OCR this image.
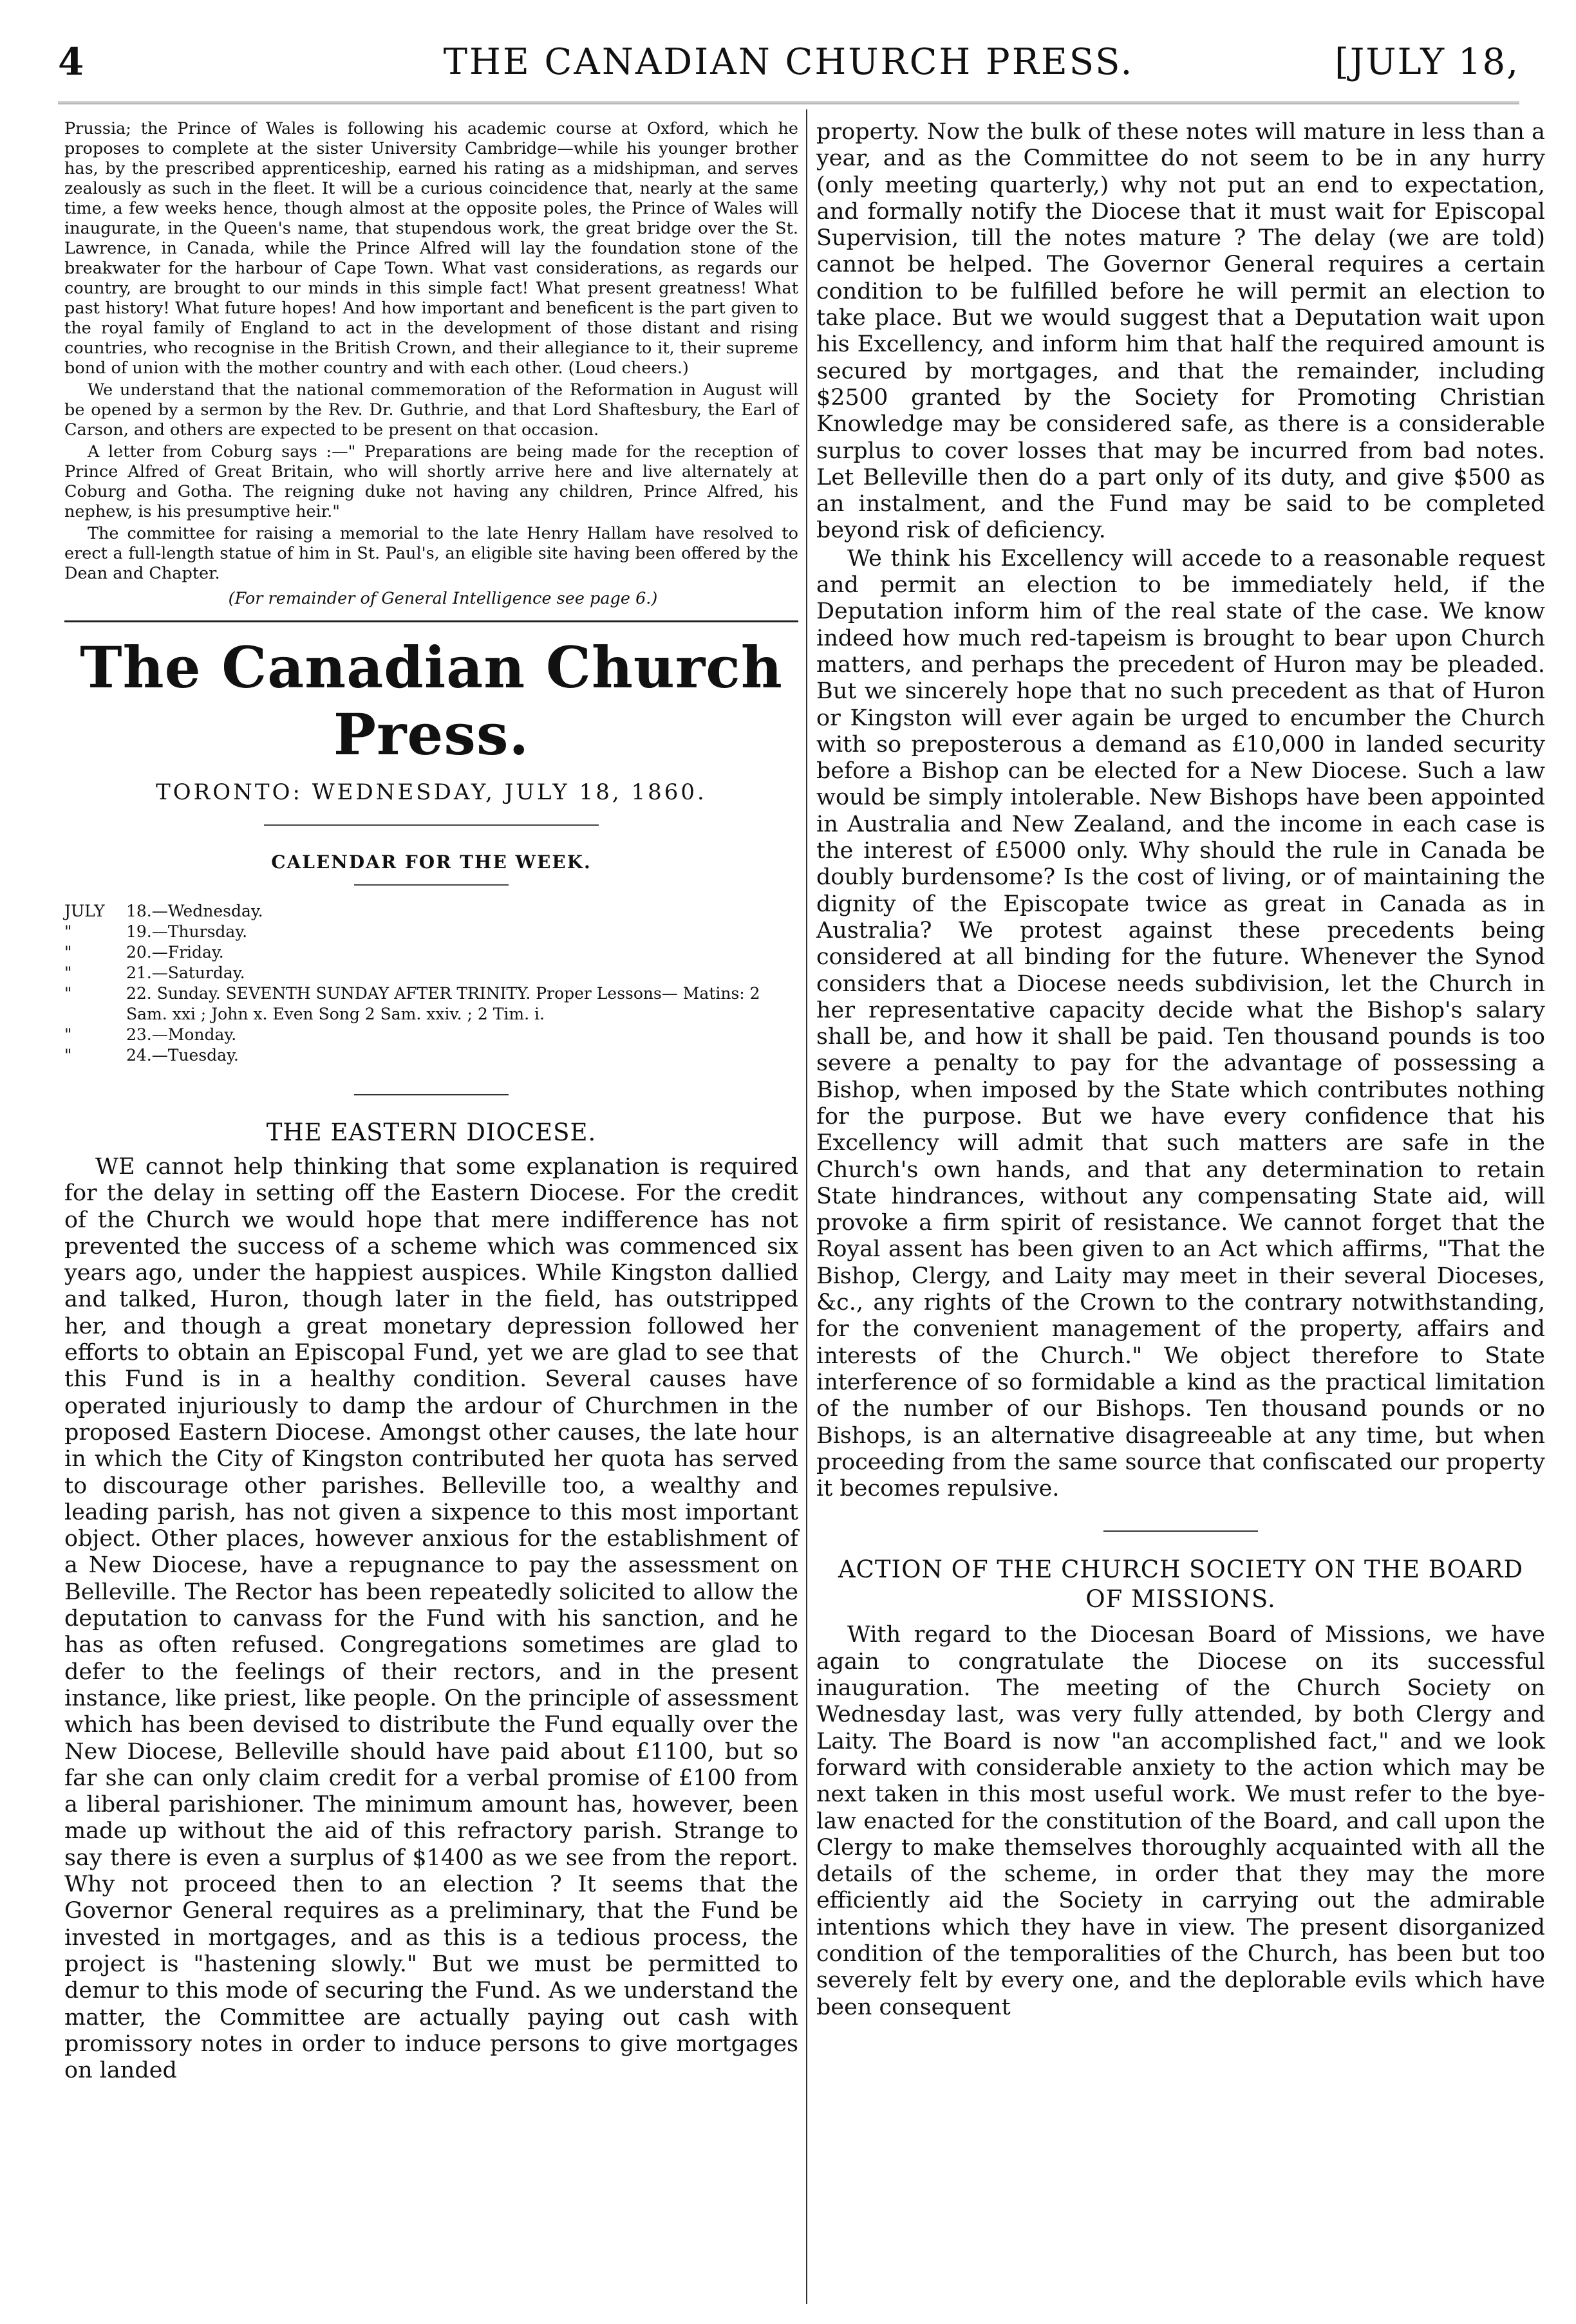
4	THE CANADIAN CHURCH PRESS.	[JULY 18,

Prussia; the Prince of Wales is following his academic course at Oxford, which he proposes to complete at the sister University Cambridge—while his younger brother has, by the prescribed apprenticeship, earned his rating as a midshipman, and serves zealously as such in the fleet. It will be a curious coincidence that, nearly at the same time, a few weeks hence, though almost at the opposite poles, the Prince of Wales will inaugurate, in the Queen's name, that stupendous work, the great bridge over the St. Lawrence, in Canada, while the Prince Alfred will lay the foundation stone of the breakwater for the harbour of Cape Town. What vast considerations, as regards our country, are brought to our minds in this simple fact! What present greatness! What past history! What future hopes! And how important and beneficent is the part given to the royal family of England to act in the development of those distant and rising countries, who recognise in the British Crown, and their allegiance to it, their supreme bond of union with the mother country and with each other. (Loud cheers.)

We understand that the national commemoration of the Reformation in August will be opened by a sermon by the Rev. Dr. Guthrie, and that Lord Shaftesbury, the Earl of Carson, and others are expected to be present on that occasion.

A letter from Coburg says :—" Preparations are being made for the reception of Prince Alfred of Great Britain, who will shortly arrive here and live alternately at Coburg and Gotha. The reigning duke not having any children, Prince Alfred, his nephew, is his presumptive heir."

The committee for raising a memorial to the late Henry Hallam have resolved to erect a full-length statue of him in St. Paul's, an eligible site having been offered by the Dean and Chapter.

(For remainder of General Intelligence see page 6.)

The Canadian Church Press.
TORONTO: WEDNESDAY, JULY 18, 1860.
CALENDAR FOR THE WEEK.
JULY 18.—Wednesday.
"	19.—Thursday.
"	20.—Friday.
"	21.—Saturday.
"	22. Sunday. SEVENTH SUNDAY AFTER TRINITY. Proper Lessons— Matins: 2 Sam. xxi ; John x. Even Song 2 Sam. xxiv. ; 2 Tim. i.
"	23.—Monday.
"	24.—Tuesday.
THE EASTERN DIOCESE.

WE cannot help thinking that some explanation is required for the delay in setting off the Eastern Diocese. For the credit of the Church we would hope that mere indifference has not prevented the success of a scheme which was commenced six years ago, under the happiest auspices. While Kingston dallied and talked, Huron, though later in the field, has outstripped her, and though a great monetary depression followed her efforts to obtain an Episcopal Fund, yet we are glad to see that this Fund is in a healthy condition. Several causes have operated injuriously to damp the ardour of Churchmen in the proposed Eastern Diocese. Amongst other causes, the late hour in which the City of Kingston contributed her quota has served to discourage other parishes. Belleville too, a wealthy and leading parish, has not given a sixpence to this most important object. Other places, however anxious for the establishment of a New Diocese, have a repugnance to pay the assessment on Belleville. The Rector has been repeatedly solicited to allow the deputation to canvass for the Fund with his sanction, and he has as often refused. Congregations sometimes are glad to defer to the feelings of their rectors, and in the present instance, like priest, like people. On the principle of assessment which has been devised to distribute the Fund equally over the New Diocese, Belleville should have paid about £1100, but so far she can only claim credit for a verbal promise of £100 from a liberal parishioner. The minimum amount has, however, been made up without the aid of this refractory parish. Strange to say there is even a surplus of $1400 as we see from the report. Why not proceed then to an election ? It seems that the Governor General requires as a preliminary, that the Fund be invested in mortgages, and as this is a tedious process, the project is "hastening slowly." But we must be permitted to demur to this mode of securing the Fund. As we understand the matter, the Committee are actually paying out cash with promissory notes in order to induce persons to give mortgages on landed

property. Now the bulk of these notes will mature in less than a year, and as the Committee do not seem to be in any hurry (only meeting quarterly,) why not put an end to expectation, and formally notify the Diocese that it must wait for Episcopal Supervision, till the notes mature ? The delay (we are told) cannot be helped. The Governor General requires a certain condition to be fulfilled before he will permit an election to take place. But we would suggest that a Deputation wait upon his Excellency, and inform him that half the required amount is secured by mortgages, and that the remainder, including $2500 granted by the Society for Promoting Christian Knowledge may be considered safe, as there is a considerable surplus to cover losses that may be incurred from bad notes. Let Belleville then do a part only of its duty, and give $500 as an instalment, and the Fund may be said to be completed beyond risk of deficiency.

We think his Excellency will accede to a reasonable request and permit an election to be immediately held, if the Deputation inform him of the real state of the case. We know indeed how much red-tapeism is brought to bear upon Church matters, and perhaps the precedent of Huron may be pleaded. But we sincerely hope that no such precedent as that of Huron or Kingston will ever again be urged to encumber the Church with so preposterous a demand as £10,000 in landed security before a Bishop can be elected for a New Diocese. Such a law would be simply intolerable. New Bishops have been appointed in Australia and New Zealand, and the income in each case is the interest of £5000 only. Why should the rule in Canada be doubly burdensome? Is the cost of living, or of maintaining the dignity of the Episcopate twice as great in Canada as in Australia? We protest against these precedents being considered at all binding for the future. Whenever the Synod considers that a Diocese needs subdivision, let the Church in her representative capacity decide what the Bishop's salary shall be, and how it shall be paid. Ten thousand pounds is too severe a penalty to pay for the advantage of possessing a Bishop, when imposed by the State which contributes nothing for the purpose. But we have every confidence that his Excellency will admit that such matters are safe in the Church's own hands, and that any determination to retain State hindrances, without any compensating State aid, will provoke a firm spirit of resistance. We cannot forget that the Royal assent has been given to an Act which affirms, "That the Bishop, Clergy, and Laity may meet in their several Dioceses, &c., any rights of the Crown to the contrary notwithstanding, for the convenient management of the property, affairs and interests of the Church." We object therefore to State interference of so formidable a kind as the practical limitation of the number of our Bishops. Ten thousand pounds or no Bishops, is an alternative disagreeable at any time, but when proceeding from the same source that confiscated our property it becomes repulsive.

ACTION OF THE CHURCH SOCIETY ON THE BOARD
OF MISSIONS.

With regard to the Diocesan Board of Missions, we have again to congratulate the Diocese on its successful inauguration. The meeting of the Church Society on Wednesday last, was very fully attended, by both Clergy and Laity. The Board is now "an accomplished fact," and we look forward with considerable anxiety to the action which may be next taken in this most useful work. We must refer to the bye-law enacted for the constitution of the Board, and call upon the Clergy to make themselves thoroughly acquainted with all the details of the scheme, in order that they may the more efficiently aid the Society in carrying out the admirable intentions which they have in view. The present disorganized condition of the temporalities of the Church, has been but too severely felt by every one, and the deplorable evils which have been consequent
